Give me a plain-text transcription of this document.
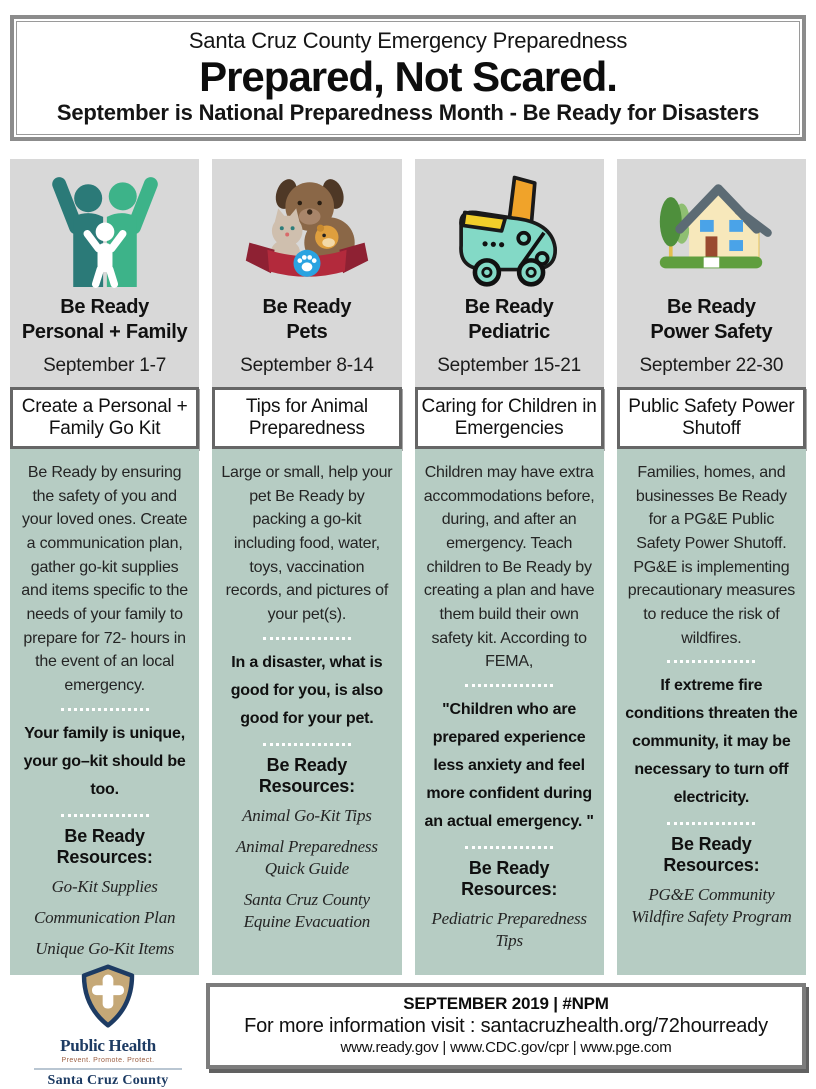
Santa Cruz County Emergency Preparedness
Prepared, Not Scared.
September is National Preparedness Month - Be Ready for Disasters
Be Ready
Personal + Family
September 1-7
Create a Personal + Family Go Kit

Be Ready by ensuring the safety of you and your loved ones. Create a communication plan, gather go-kit supplies and items specific to the needs of your family to prepare for 72- hours in the event of an local emergency.

Your family is unique, your go–kit should be too.

Be Ready Resources:

Go-Kit Supplies

Communication Plan

Unique Go-Kit Items

Be Ready
Pets
September 8-14
Tips for Animal Preparedness

Large or small, help your pet Be Ready by packing a go-kit including food, water, toys, vaccination records, and pictures of your pet(s).

In a disaster, what is good for you, is also good for your pet.

Be Ready Resources:

Animal Go-Kit Tips

Animal Preparedness Quick Guide

Santa Cruz County Equine Evacuation

Be Ready
Pediatric
September 15-21
Caring for Children in Emergencies

Children may have extra accommodations before, during, and after an emergency. Teach children to Be Ready by creating a plan and have them build their own safety kit. According to FEMA,

"Children who are prepared experience less anxiety and feel more confident during an actual emergency. "

Be Ready Resources:

Pediatric Preparedness Tips

Be Ready
Power Safety
September 22-30
Public Safety Power Shutoff

Families, homes, and businesses Be Ready for a PG&E Public Safety Power Shutoff. PG&E is implementing precautionary measures to reduce the risk of wildfires.

If extreme fire conditions threaten the community, it may be necessary to turn off electricity.

Be Ready Resources:

PG&E Community Wildfire Safety Program

Public Health
Prevent. Promote. Protect.
Santa Cruz County
SEPTEMBER 2019 | #NPM
For more information visit : santacruzhealth.org/72hourready
www.ready.gov | www.CDC.gov/cpr | www.pge.com
